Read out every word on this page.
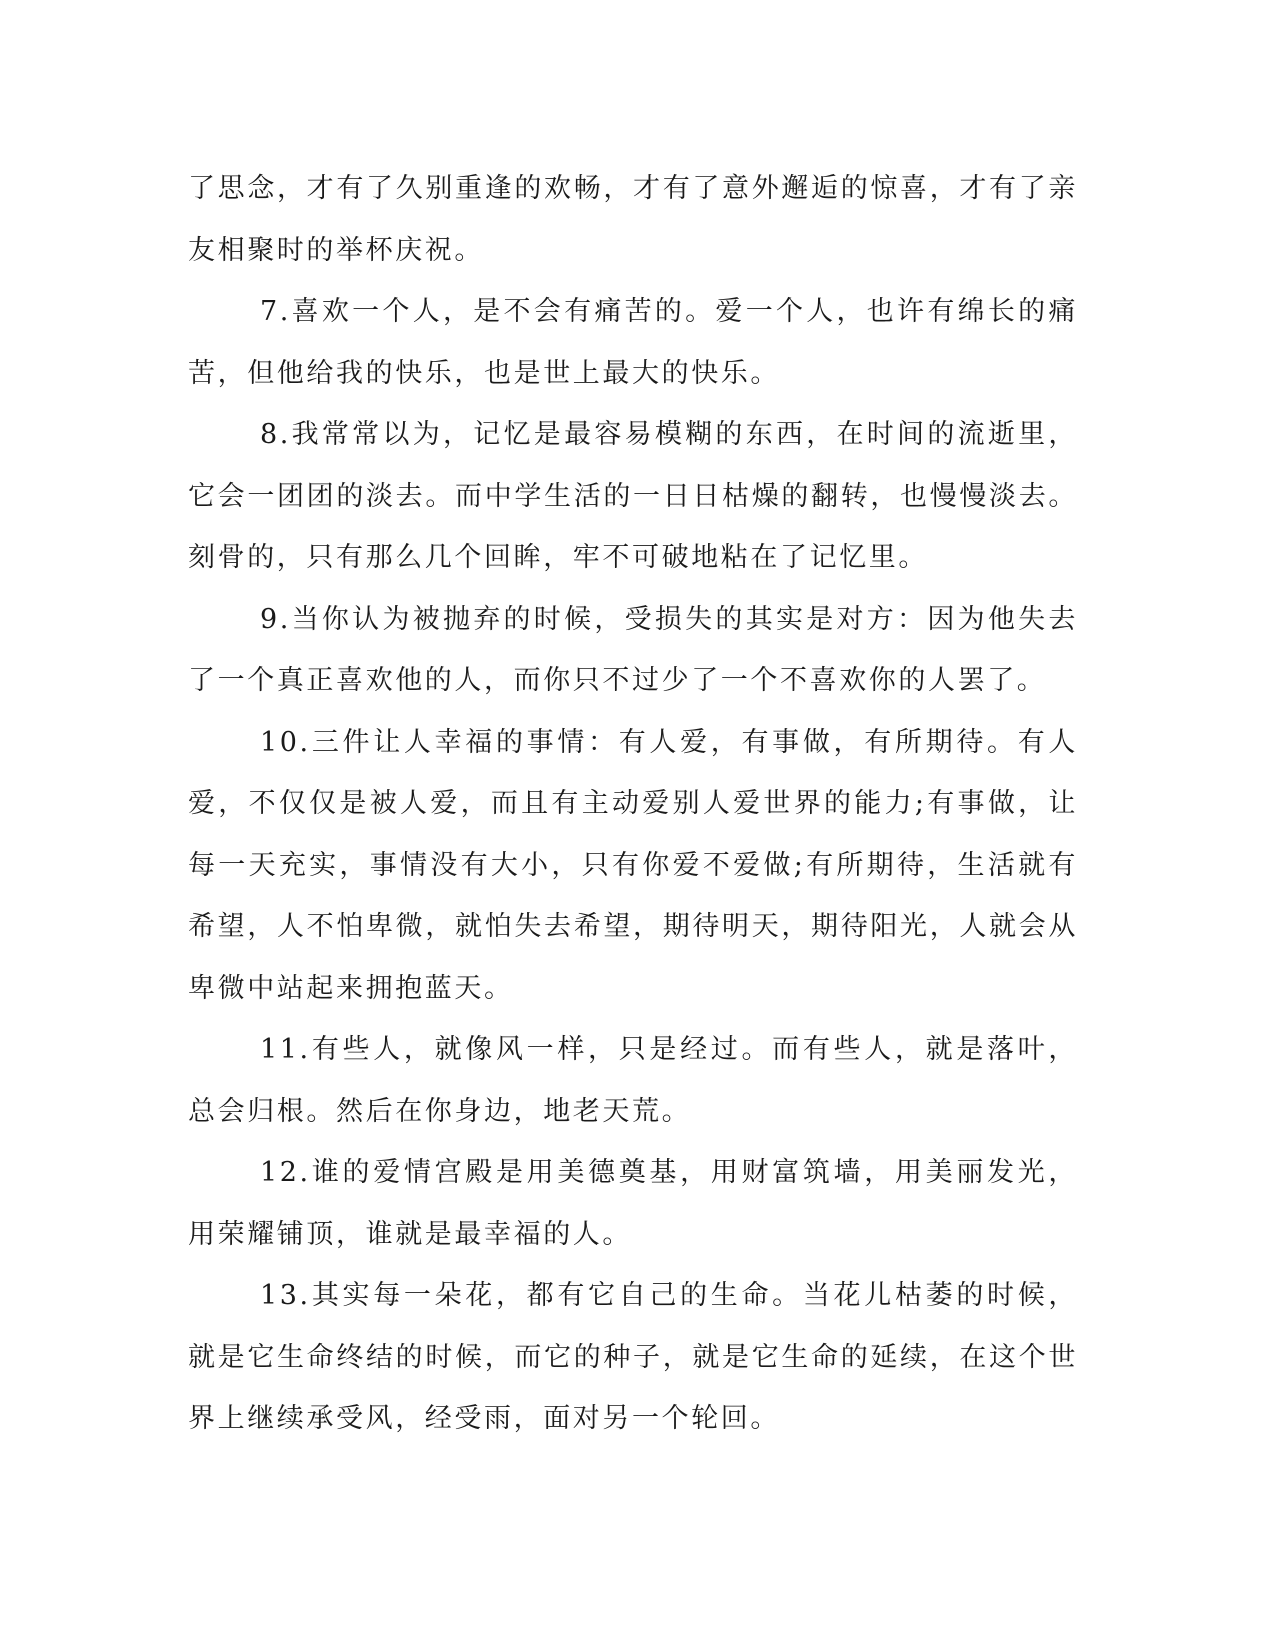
了思念，才有了久别重逢的欢畅，才有了意外邂逅的惊喜，才有了亲友相聚时的举杯庆祝。

7.喜欢一个人，是不会有痛苦的。爱一个人，也许有绵长的痛苦，但他给我的快乐，也是世上最大的快乐。

8.我常常以为，记忆是最容易模糊的东西，在时间的流逝里，它会一团团的淡去。而中学生活的一日日枯燥的翻转，也慢慢淡去。刻骨的，只有那么几个回眸，牢不可破地粘在了记忆里。

9.当你认为被抛弃的时候，受损失的其实是对方：因为他失去了一个真正喜欢他的人，而你只不过少了一个不喜欢你的人罢了。

10.三件让人幸福的事情：有人爱，有事做，有所期待。有人爱，不仅仅是被人爱，而且有主动爱别人爱世界的能力;有事做，让每一天充实，事情没有大小，只有你爱不爱做;有所期待，生活就有希望，人不怕卑微，就怕失去希望，期待明天，期待阳光，人就会从卑微中站起来拥抱蓝天。

11.有些人，就像风一样，只是经过。而有些人，就是落叶，总会归根。然后在你身边，地老天荒。

12.谁的爱情宫殿是用美德奠基，用财富筑墙，用美丽发光，用荣耀铺顶，谁就是最幸福的人。

13.其实每一朵花，都有它自己的生命。当花儿枯萎的时候，就是它生命终结的时候，而它的种子，就是它生命的延续，在这个世界上继续承受风，经受雨，面对另一个轮回。
